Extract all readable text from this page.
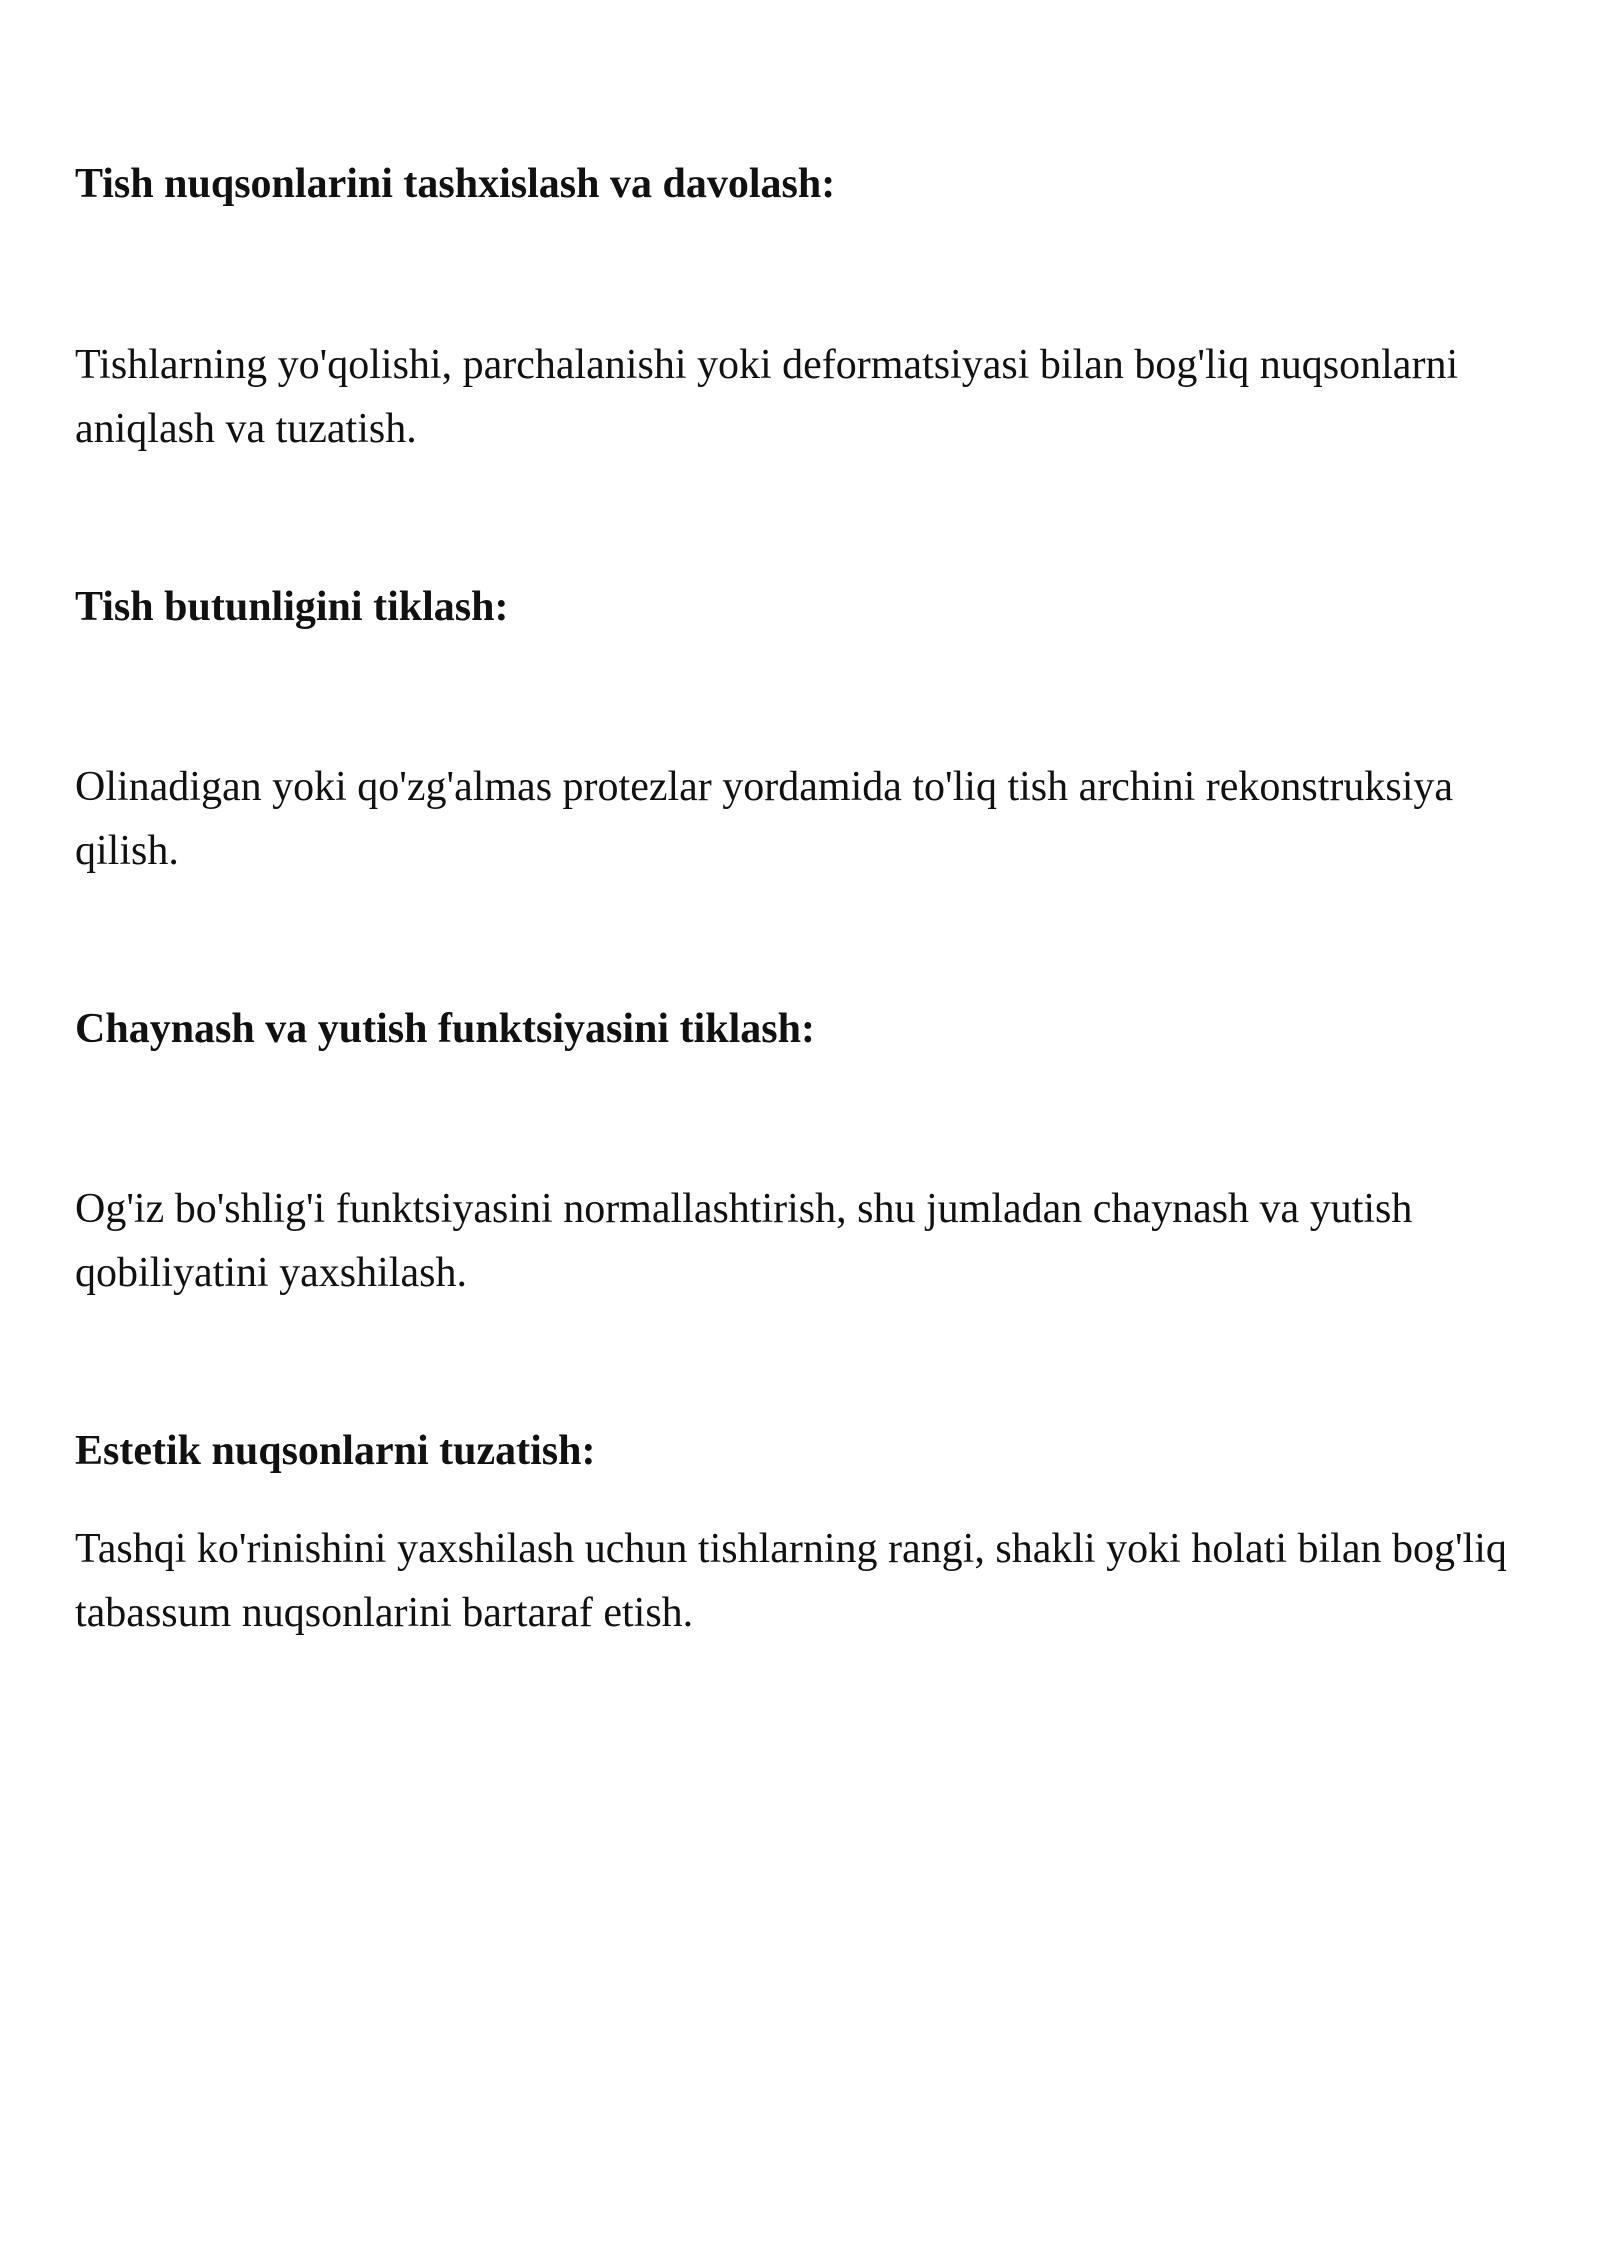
Tish nuqsonlarini tashxislash va davolash:

Tishlarning yo'qolishi, parchalanishi yoki deformatsiyasi bilan bog'liq nuqsonlarni aniqlash va tuzatish.

Tish butunligini tiklash:

Olinadigan yoki qo'zg'almas protezlar yordamida to'liq tish archini rekonstruksiya qilish.

Chaynash va yutish funktsiyasini tiklash:

Og'iz bo'shlig'i funktsiyasini normallashtirish, shu jumladan chaynash va yutish qobiliyatini yaxshilash.

Estetik nuqsonlarni tuzatish:

Tashqi ko'rinishini yaxshilash uchun tishlarning rangi, shakli yoki holati bilan bog'liq tabassum nuqsonlarini bartaraf etish.
